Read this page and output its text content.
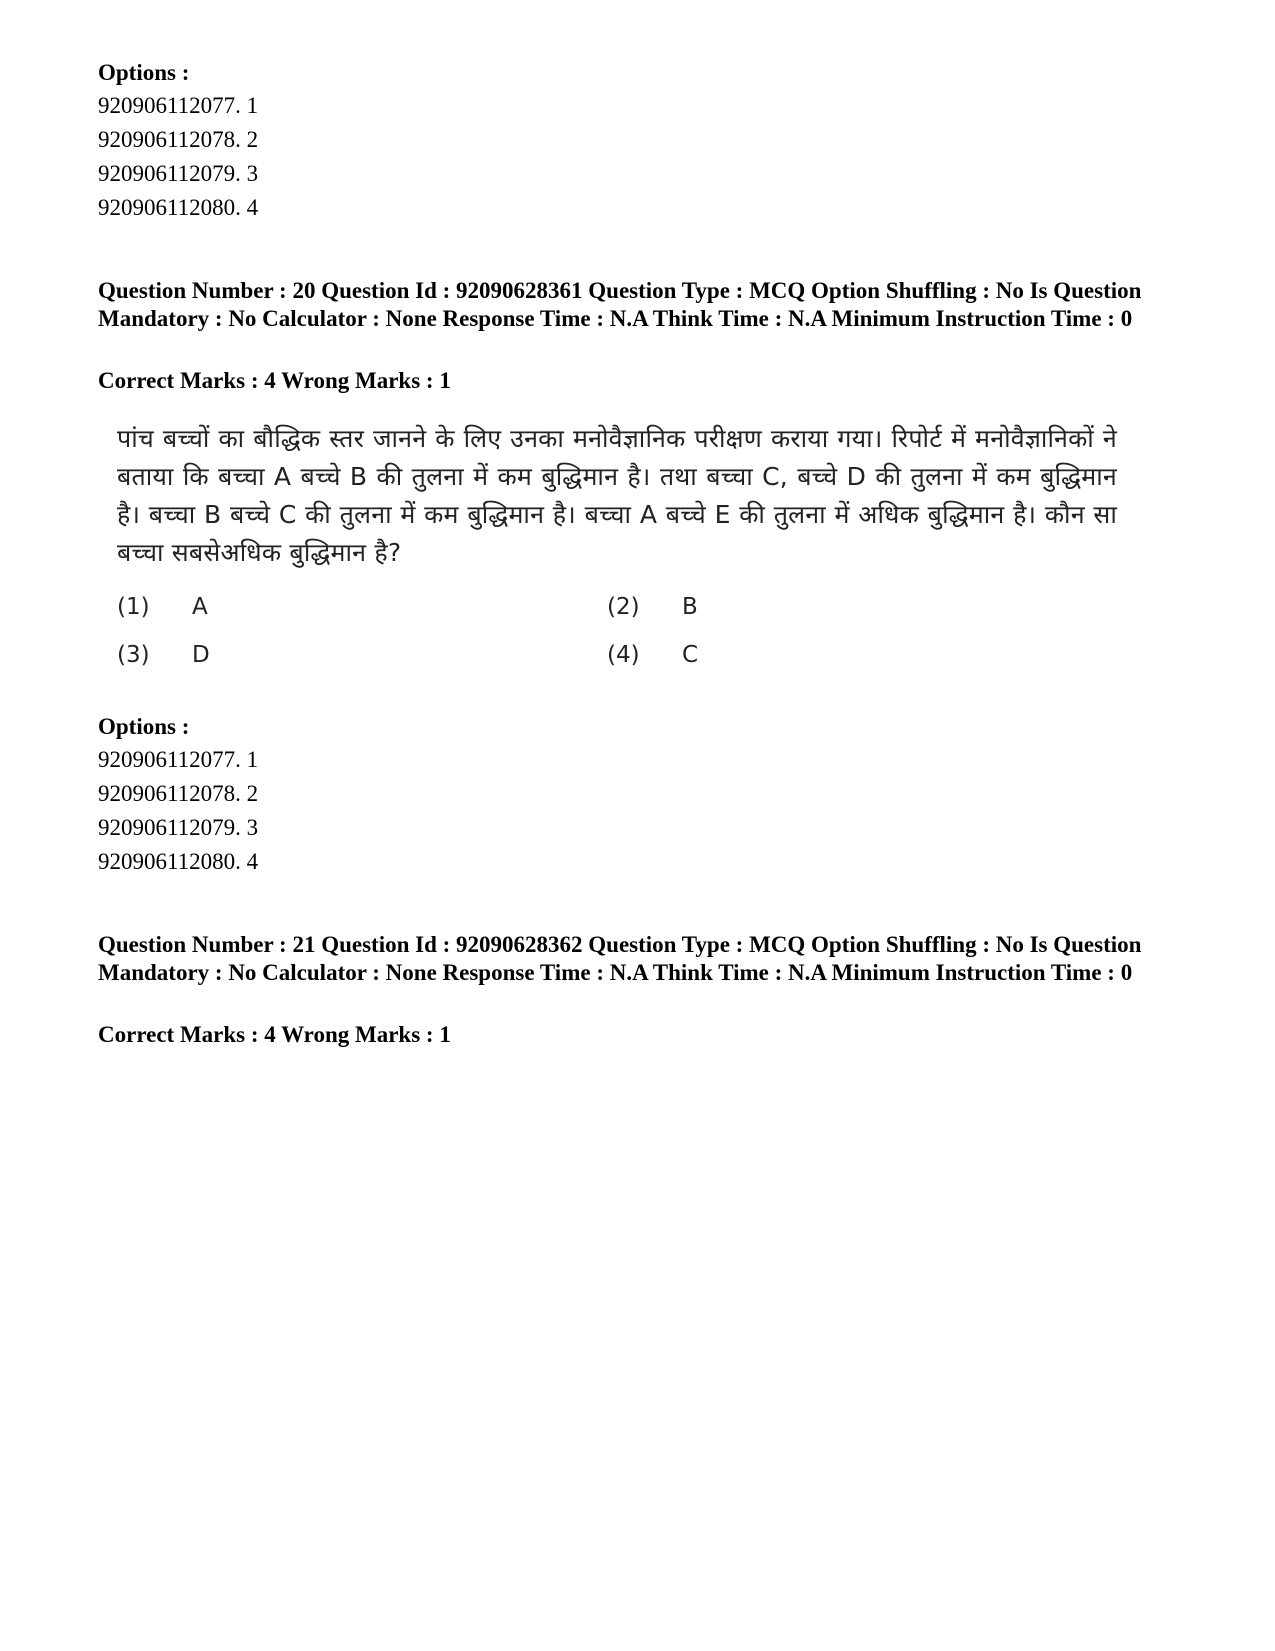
Options :
920906112077. 1
920906112078. 2
920906112079. 3
920906112080. 4
Question Number : 20 Question Id : 92090628361 Question Type : MCQ Option Shuffling : No Is Question Mandatory : No Calculator : None Response Time : N.A Think Time : N.A Minimum Instruction Time : 0
Correct Marks : 4 Wrong Marks : 1
पांच बच्चों का बौद्धिक स्तर जानने के लिए उनका मनोवैज्ञानिक परीक्षण कराया गया। रिपोर्ट में मनोवैज्ञानिकों ने बताया कि बच्चा A बच्चे B की तुलना में कम बुद्धिमान है। तथा बच्चा C, बच्चे D की तुलना में कम बुद्धिमान है। बच्चा B बच्चे C की तुलना में कम बुद्धिमान है। बच्चा A बच्चे E की तुलना में अधिक बुद्धिमान है। कौन सा बच्चा सबसेअधिक बुद्धिमान है?
(1)	A	(2)	B
(3)	D	(4)	C
Options :
920906112077. 1
920906112078. 2
920906112079. 3
920906112080. 4
Question Number : 21 Question Id : 92090628362 Question Type : MCQ Option Shuffling : No Is Question Mandatory : No Calculator : None Response Time : N.A Think Time : N.A Minimum Instruction Time : 0
Correct Marks : 4 Wrong Marks : 1
